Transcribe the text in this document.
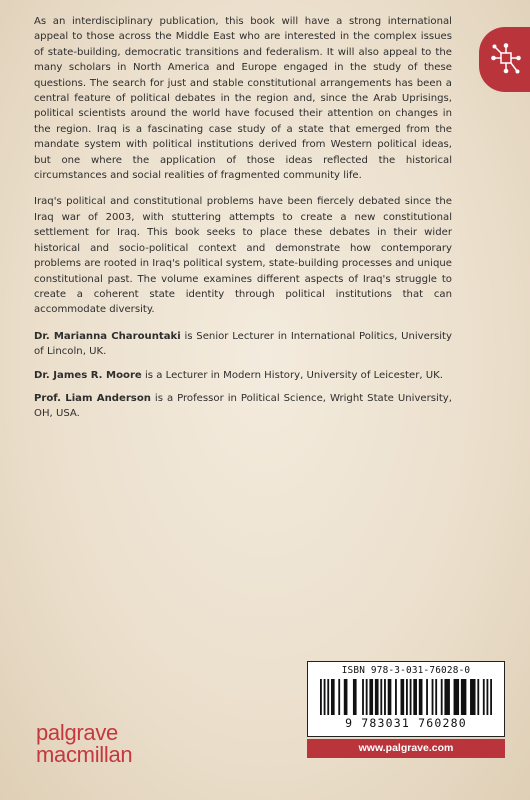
As an interdisciplinary publication, this book will have a strong international appeal to those across the Middle East who are interested in the complex issues of state-building, democratic transitions and federalism. It will also appeal to the many scholars in North America and Europe engaged in the study of these questions. The search for just and stable constitutional arrangements has been a central feature of political debates in the region and, since the Arab Uprisings, political scientists around the world have focused their attention on changes in the region. Iraq is a fascinating case study of a state that emerged from the mandate system with political institutions derived from Western political ideas, but one where the application of those ideas reflected the historical circumstances and social realities of fragmented community life.

Iraq's political and constitutional problems have been fiercely debated since the Iraq war of 2003, with stuttering attempts to create a new constitutional settlement for Iraq. This book seeks to place these debates in their wider historical and socio-political context and demonstrate how contemporary problems are rooted in Iraq's political system, state-building processes and unique constitutional past. The volume examines different aspects of Iraq's struggle to create a coherent state identity through political institutions that can accommodate diversity.

Dr. Marianna Charountaki is Senior Lecturer in International Politics, University of Lincoln, UK.

Dr. James R. Moore is a Lecturer in Modern History, University of Leicester, UK.

Prof. Liam Anderson is a Professor in Political Science, Wright State University, OH, USA.

palgrave
macmillan
ISBN 978-3-031-76028-0
9 783031 760280
www.palgrave.com
